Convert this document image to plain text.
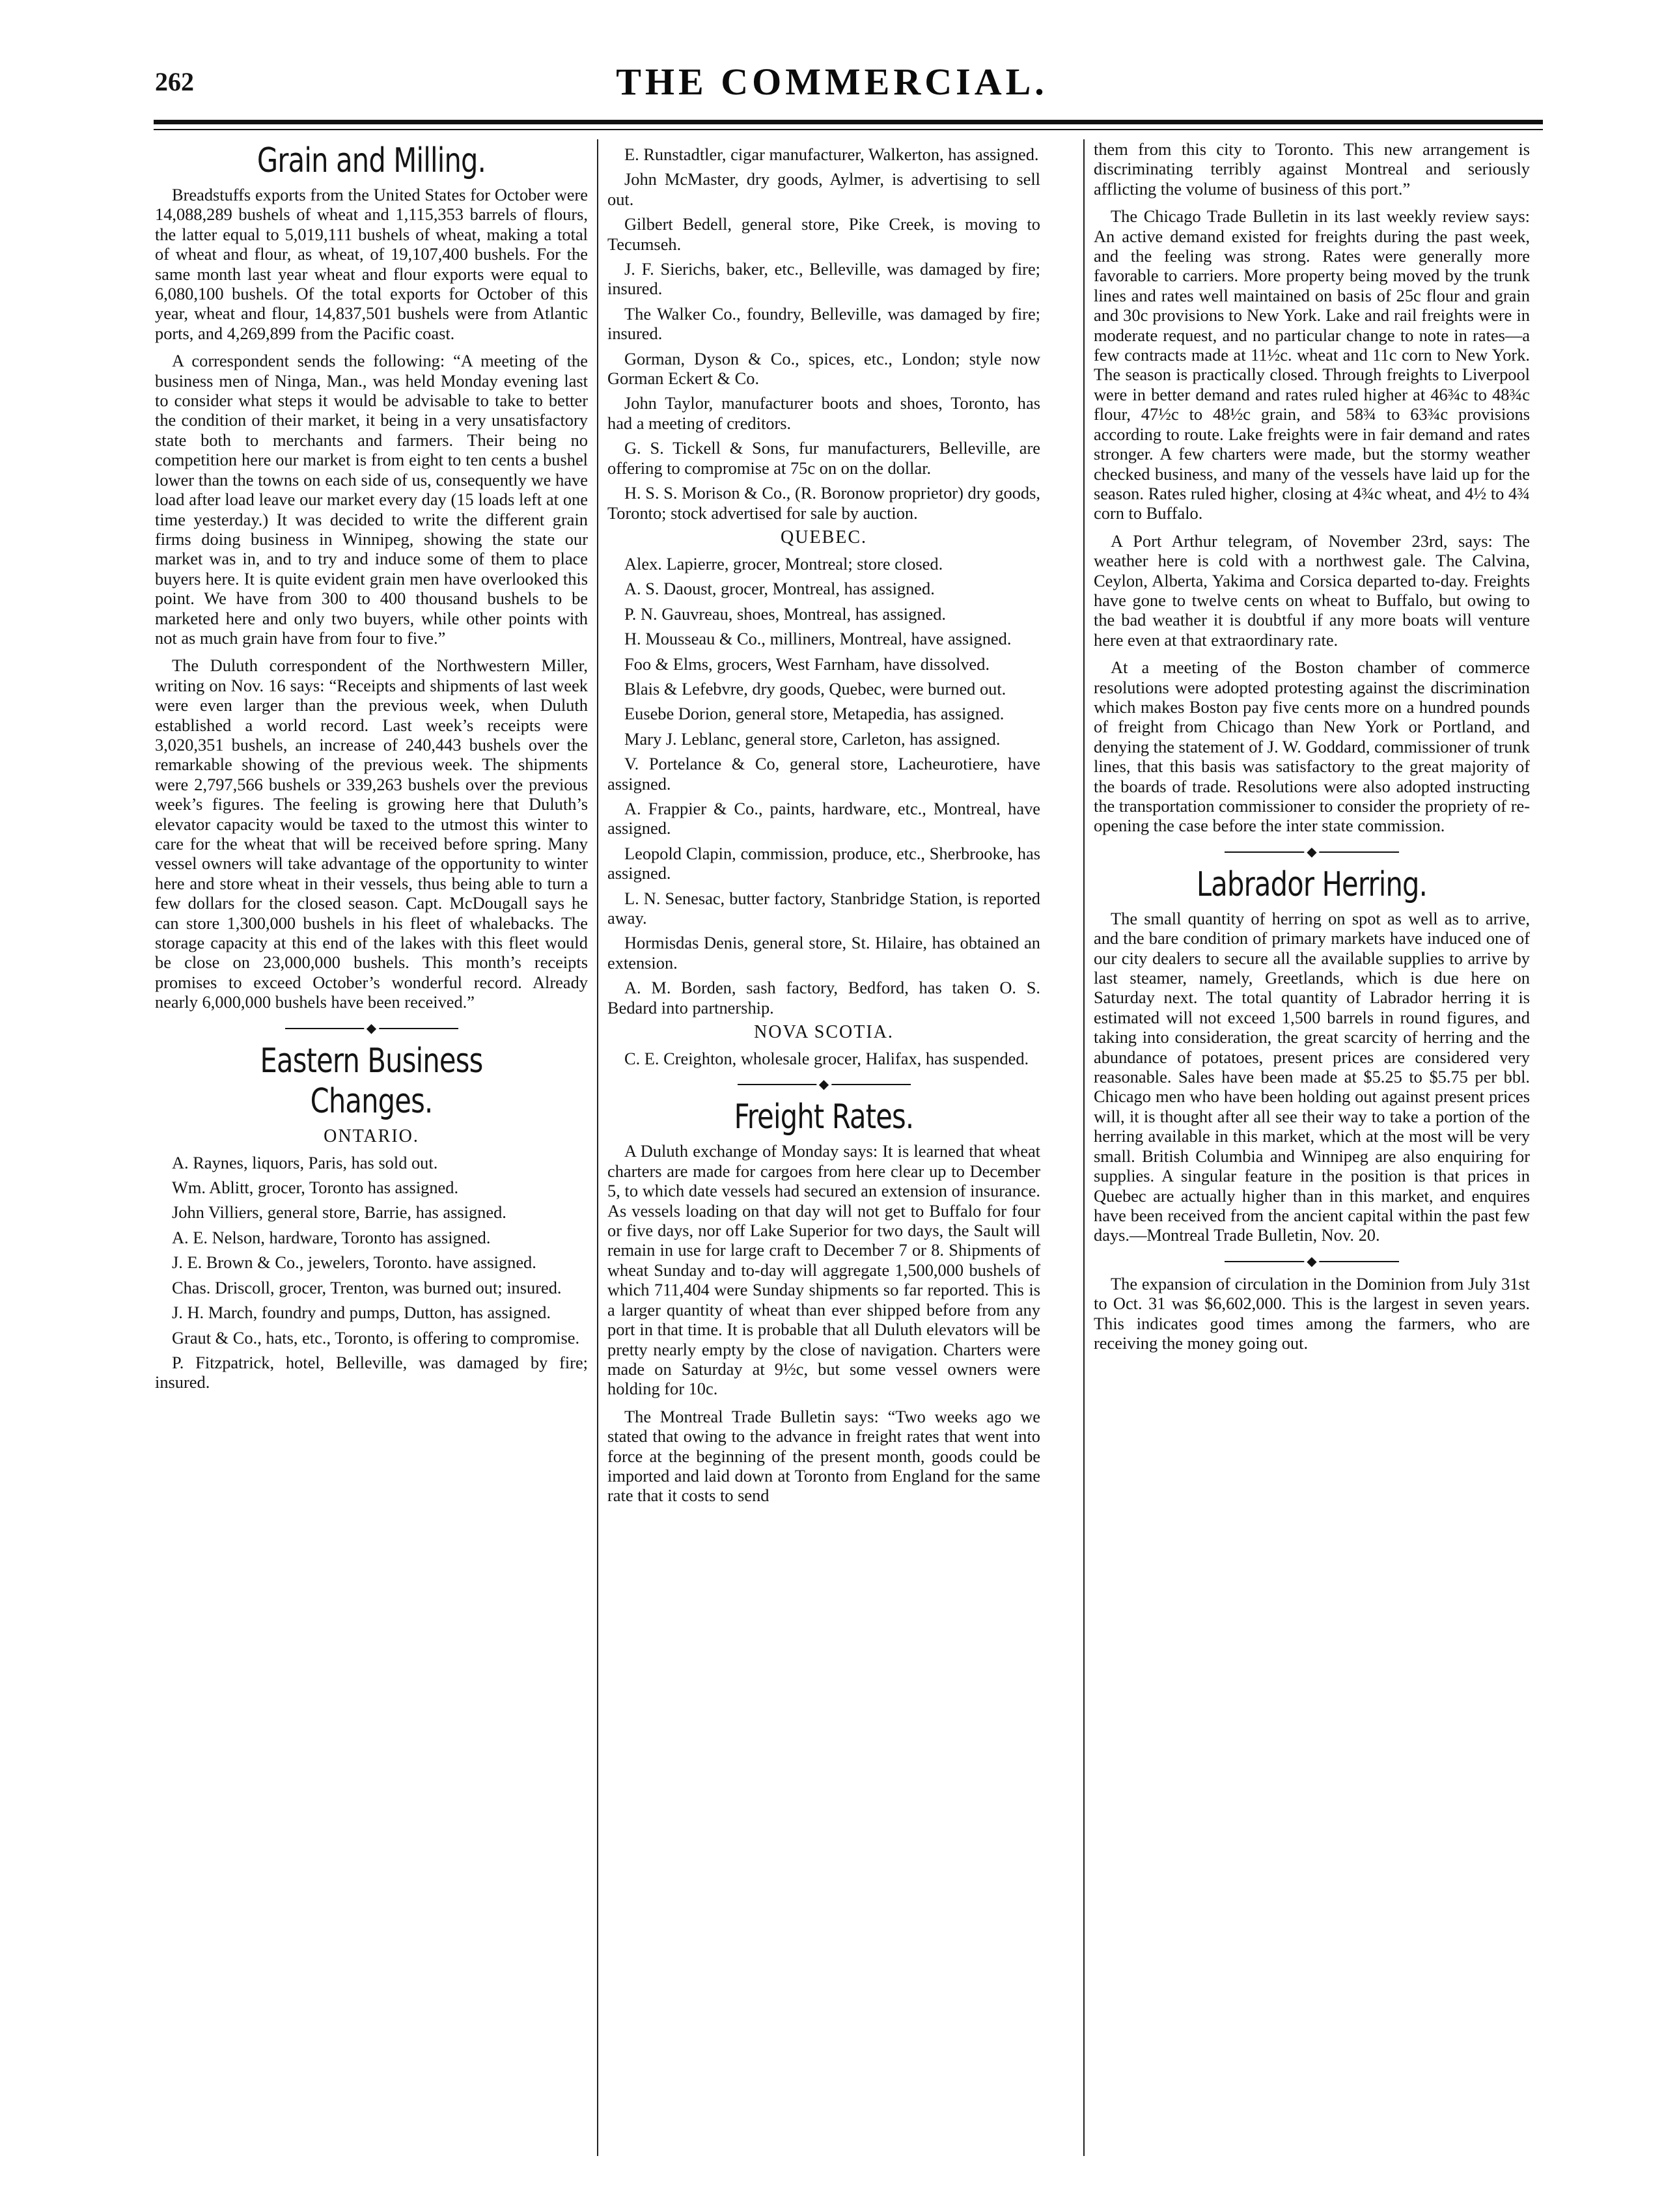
262	THE COMMERCIAL.
Grain and Milling.

Breadstuffs exports from the United States for October were 14,088,289 bushels of wheat and 1,115,353 barrels of flours, the latter equal to 5,019,111 bushels of wheat, making a total of wheat and flour, as wheat, of 19,107,400 bushels. For the same month last year wheat and flour exports were equal to 6,080,100 bushels. Of the total exports for October of this year, wheat and flour, 14,837,501 bushels were from Atlantic ports, and 4,269,899 from the Pacific coast.

A correspondent sends the following: “A meeting of the business men of Ninga, Man., was held Monday evening last to consider what steps it would be advisable to take to better the condition of their market, it being in a very unsatisfactory state both to merchants and farmers. Their being no competition here our market is from eight to ten cents a bushel lower than the towns on each side of us, consequently we have load after load leave our market every day (15 loads left at one time yesterday.) It was decided to write the different grain firms doing business in Winnipeg, showing the state our market was in, and to try and induce some of them to place buyers here. It is quite evident grain men have overlooked this point. We have from 300 to 400 thousand bushels to be marketed here and only two buyers, while other points with not as much grain have from four to five.”

The Duluth correspondent of the Northwestern Miller, writing on Nov. 16 says: “Receipts and shipments of last week were even larger than the previous week, when Duluth established a world record. Last week’s receipts were 3,020,351 bushels, an increase of 240,443 bushels over the remarkable showing of the previous week. The shipments were 2,797,566 bushels or 339,263 bushels over the previous week’s figures. The feeling is growing here that Duluth’s elevator capacity would be taxed to the utmost this winter to care for the wheat that will be received before spring. Many vessel owners will take advantage of the opportunity to winter here and store wheat in their vessels, thus being able to turn a few dollars for the closed season. Capt. McDougall says he can store 1,300,000 bushels in his fleet of whalebacks. The storage capacity at this end of the lakes with this fleet would be close on 23,000,000 bushels. This month’s receipts promises to exceed October’s wonderful record. Already nearly 6,000,000 bushels have been received.”

◆
Eastern Business Changes.
ONTARIO.

A. Raynes, liquors, Paris, has sold out.

Wm. Ablitt, grocer, Toronto has assigned.

John Villiers, general store, Barrie, has assigned.

A. E. Nelson, hardware, Toronto has assigned.

J. E. Brown & Co., jewelers, Toronto. have assigned.

Chas. Driscoll, grocer, Trenton, was burned out; insured.

J. H. March, foundry and pumps, Dutton, has assigned.

Graut & Co., hats, etc., Toronto, is offering to compromise.

P. Fitzpatrick, hotel, Belleville, was damaged by fire; insured.

E. Runstadtler, cigar manufacturer, Walkerton, has assigned.

John McMaster, dry goods, Aylmer, is advertising to sell out.

Gilbert Bedell, general store, Pike Creek, is moving to Tecumseh.

J. F. Sierichs, baker, etc., Belleville, was damaged by fire; insured.

The Walker Co., foundry, Belleville, was damaged by fire; insured.

Gorman, Dyson & Co., spices, etc., London; style now Gorman Eckert & Co.

John Taylor, manufacturer boots and shoes, Toronto, has had a meeting of creditors.

G. S. Tickell & Sons, fur manufacturers, Belleville, are offering to compromise at 75c on on the dollar.

H. S. S. Morison & Co., (R. Boronow proprietor) dry goods, Toronto; stock advertised for sale by auction.

QUEBEC.

Alex. Lapierre, grocer, Montreal; store closed.

A. S. Daoust, grocer, Montreal, has assigned.

P. N. Gauvreau, shoes, Montreal, has assigned.

H. Mousseau & Co., milliners, Montreal, have assigned.

Foo & Elms, grocers, West Farnham, have dissolved.

Blais & Lefebvre, dry goods, Quebec, were burned out.

Eusebe Dorion, general store, Metapedia, has assigned.

Mary J. Leblanc, general store, Carleton, has assigned.

V. Portelance & Co, general store, Lacheurotiere, have assigned.

A. Frappier & Co., paints, hardware, etc., Montreal, have assigned.

Leopold Clapin, commission, produce, etc., Sherbrooke, has assigned.

L. N. Senesac, butter factory, Stanbridge Station, is reported away.

Hormisdas Denis, general store, St. Hilaire, has obtained an extension.

A. M. Borden, sash factory, Bedford, has taken O. S. Bedard into partnership.

NOVA SCOTIA.

C. E. Creighton, wholesale grocer, Halifax, has suspended.

◆
Freight Rates.

A Duluth exchange of Monday says: It is learned that wheat charters are made for cargoes from here clear up to December 5, to which date vessels had secured an extension of insurance. As vessels loading on that day will not get to Buffalo for four or five days, nor off Lake Superior for two days, the Sault will remain in use for large craft to December 7 or 8. Shipments of wheat Sunday and to-day will aggregate 1,500,000 bushels of which 711,404 were Sunday shipments so far reported. This is a larger quantity of wheat than ever shipped before from any port in that time. It is probable that all Duluth elevators will be pretty nearly empty by the close of navigation. Charters were made on Saturday at 9½c, but some vessel owners were holding for 10c.

The Montreal Trade Bulletin says: “Two weeks ago we stated that owing to the advance in freight rates that went into force at the beginning of the present month, goods could be imported and laid down at Toronto from England for the same rate that it costs to send

them from this city to Toronto. This new arrangement is discriminating terribly against Montreal and seriously afflicting the volume of business of this port.”

The Chicago Trade Bulletin in its last weekly review says: An active demand existed for freights during the past week, and the feeling was strong. Rates were generally more favorable to carriers. More property being moved by the trunk lines and rates well maintained on basis of 25c flour and grain and 30c provisions to New York. Lake and rail freights were in moderate request, and no particular change to note in rates—a few contracts made at 11½c. wheat and 11c corn to New York. The season is practically closed. Through freights to Liverpool were in better demand and rates ruled higher at 46¾c to 48¾c flour, 47½c to 48½c grain, and 58¾ to 63¾c provisions according to route. Lake freights were in fair demand and rates stronger. A few charters were made, but the stormy weather checked business, and many of the vessels have laid up for the season. Rates ruled higher, closing at 4¾c wheat, and 4½ to 4¾ corn to Buffalo.

A Port Arthur telegram, of November 23rd, says: The weather here is cold with a northwest gale. The Calvina, Ceylon, Alberta, Yakima and Corsica departed to-day. Freights have gone to twelve cents on wheat to Buffalo, but owing to the bad weather it is doubtful if any more boats will venture here even at that extraordinary rate.

At a meeting of the Boston chamber of commerce resolutions were adopted protesting against the discrimination which makes Boston pay five cents more on a hundred pounds of freight from Chicago than New York or Portland, and denying the statement of J. W. Goddard, commissioner of trunk lines, that this basis was satisfactory to the great majority of the boards of trade. Resolutions were also adopted instructing the transportation commissioner to consider the propriety of re-opening the case before the inter state commission.

◆
Labrador Herring.

The small quantity of herring on spot as well as to arrive, and the bare condition of primary markets have induced one of our city dealers to secure all the available supplies to arrive by last steamer, namely, Greetlands, which is due here on Saturday next. The total quantity of Labrador herring it is estimated will not exceed 1,500 barrels in round figures, and taking into consideration, the great scarcity of herring and the abundance of potatoes, present prices are considered very reasonable. Sales have been made at $5.25 to $5.75 per bbl. Chicago men who have been holding out against present prices will, it is thought after all see their way to take a portion of the herring available in this market, which at the most will be very small. British Columbia and Winnipeg are also enquiring for supplies. A singular feature in the position is that prices in Quebec are actually higher than in this market, and enquires have been received from the ancient capital within the past few days.—Montreal Trade Bulletin, Nov. 20.

◆

The expansion of circulation in the Dominion from July 31st to Oct. 31 was $6,602,000. This is the largest in seven years. This indicates good times among the farmers, who are receiving the money going out.
